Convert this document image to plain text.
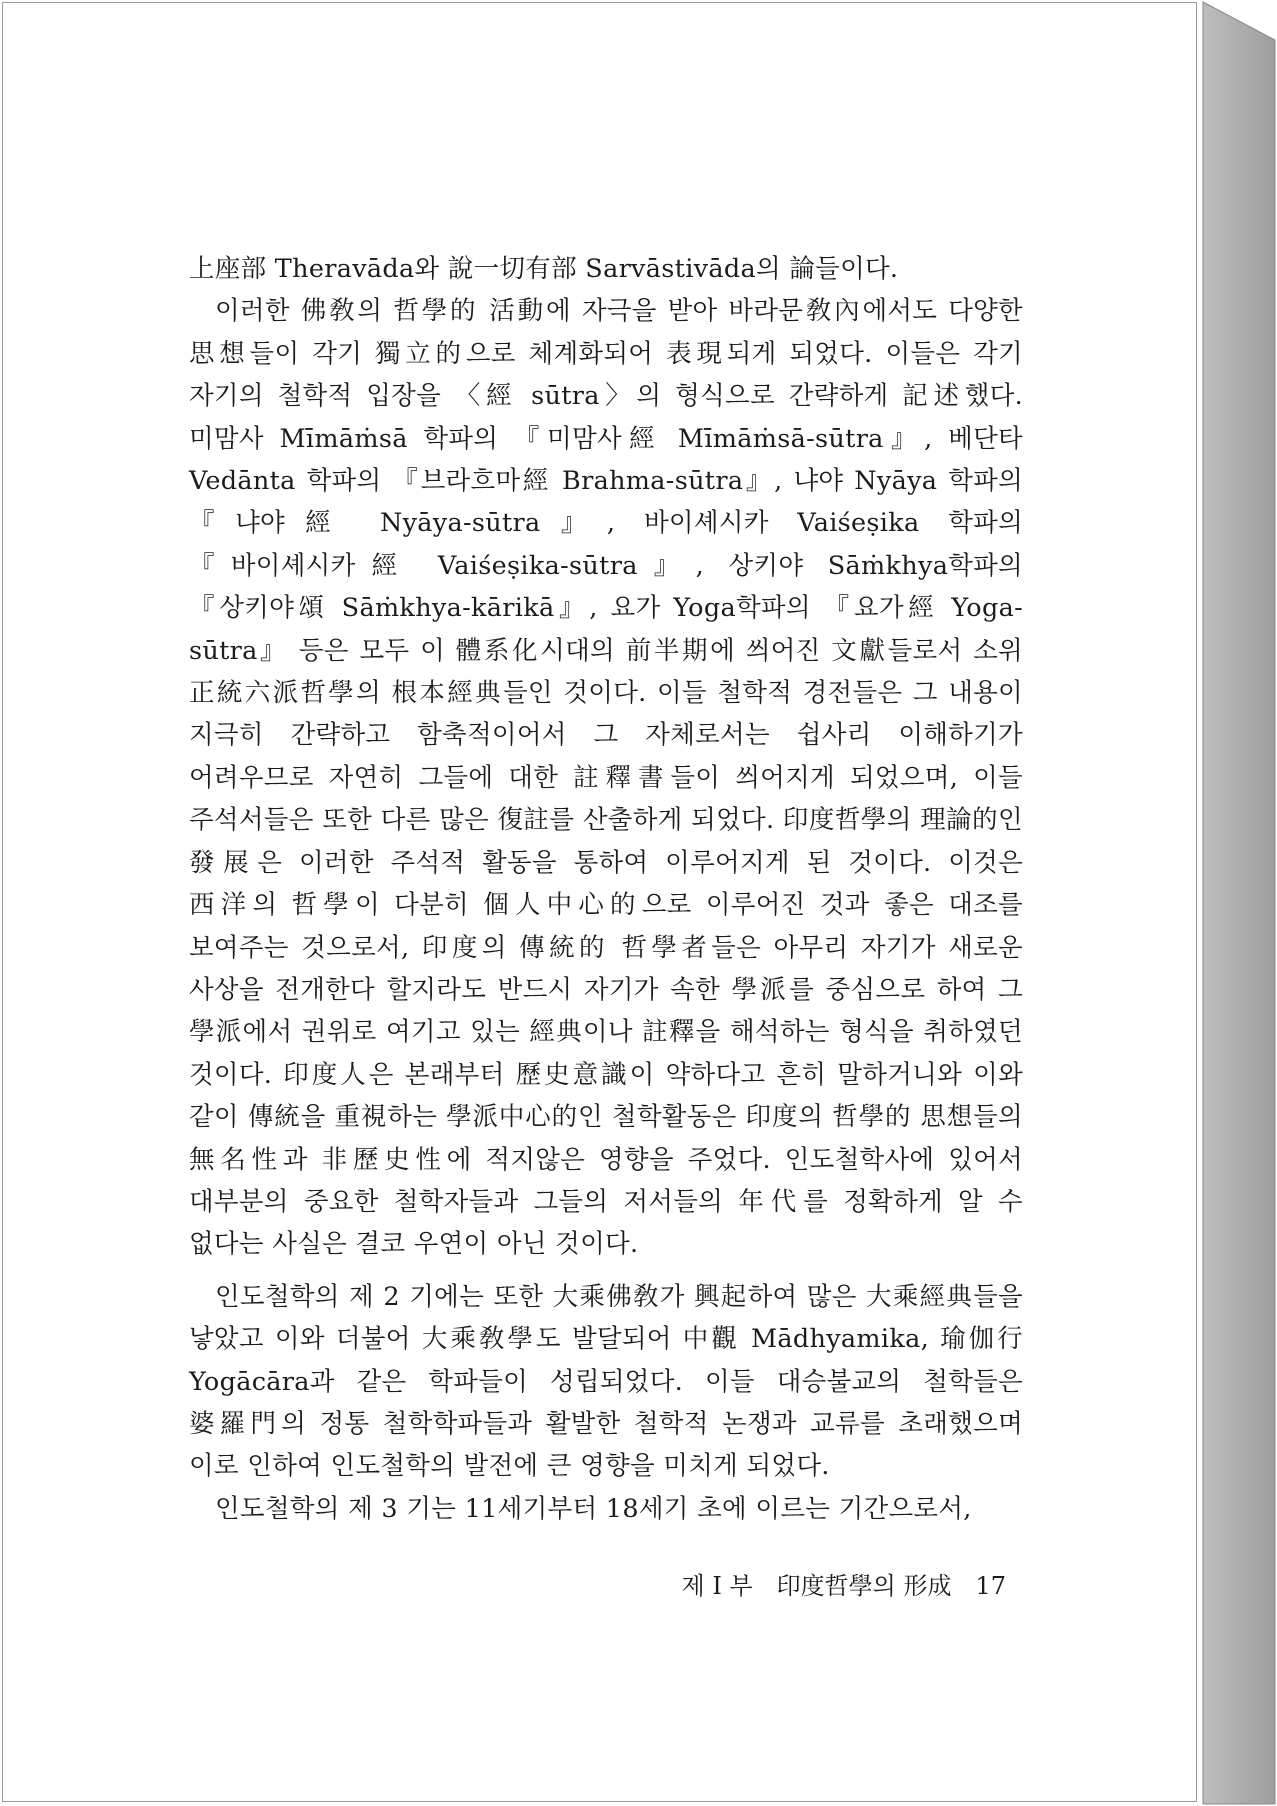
上座部 Theravāda와 說一切有部 Sarvāstivāda의 論들이다.

이러한 佛敎의 哲學的 活動에 자극을 받아 바라문敎內에서도 다양한 思想들이 각기 獨立的으로 체계화되어 表現되게 되었다. 이들은 각기 자기의 철학적 입장을 〈經 sūtra〉의 형식으로 간략하게 記述했다. 미맘사 Mīmāṁsā 학파의 『미맘사經 Mīmāṁsā-sūtra』, 베단타 Vedānta 학파의 『브라흐마經 Brahma-sūtra』, 냐야 Nyāya 학파의 『냐야經 Nyāya-sūtra』, 바이셰시카 Vaiśeṣika 학파의 『바이셰시카經 Vaiśeṣika-sūtra』, 상키야 Sāṁkhya학파의 『상키야頌 Sāṁkhya-kārikā』, 요가 Yoga학파의 『요가經 Yoga-sūtra』 등은 모두 이 體系化시대의 前半期에 씌어진 文獻들로서 소위 正統六派哲學의 根本經典들인 것이다. 이들 철학적 경전들은 그 내용이 지극히 간략하고 함축적이어서 그 자체로서는 쉽사리 이해하기가 어려우므로 자연히 그들에 대한 註釋書들이 씌어지게 되었으며, 이들 주석서들은 또한 다른 많은 復註를 산출하게 되었다. 印度哲學의 理論的인 發展은 이러한 주석적 활동을 통하여 이루어지게 된 것이다. 이것은 西洋의 哲學이 다분히 個人中心的으로 이루어진 것과 좋은 대조를 보여주는 것으로서, 印度의 傳統的 哲學者들은 아무리 자기가 새로운 사상을 전개한다 할지라도 반드시 자기가 속한 學派를 중심으로 하여 그 學派에서 권위로 여기고 있는 經典이나 註釋을 해석하는 형식을 취하였던 것이다. 印度人은 본래부터 歷史意識이 약하다고 흔히 말하거니와 이와 같이 傳統을 重視하는 學派中心的인 철학활동은 印度의 哲學的 思想들의 無名性과 非歷史性에 적지않은 영향을 주었다. 인도철학사에 있어서 대부분의 중요한 철학자들과 그들의 저서들의 年代를 정확하게 알 수 없다는 사실은 결코 우연이 아닌 것이다.

인도철학의 제 2 기에는 또한 大乘佛敎가 興起하여 많은 大乘經典들을 낳았고 이와 더불어 大乘敎學도 발달되어 中觀 Mādhyamika, 瑜伽行 Yogācāra과 같은 학파들이 성립되었다. 이들 대승불교의 철학들은 婆羅門의 정통 철학학파들과 활발한 철학적 논쟁과 교류를 초래했으며 이로 인하여 인도철학의 발전에 큰 영향을 미치게 되었다.

인도철학의 제 3 기는 11세기부터 18세기 초에 이르는 기간으로서,

제 I 부　印度哲學의 形成 17
